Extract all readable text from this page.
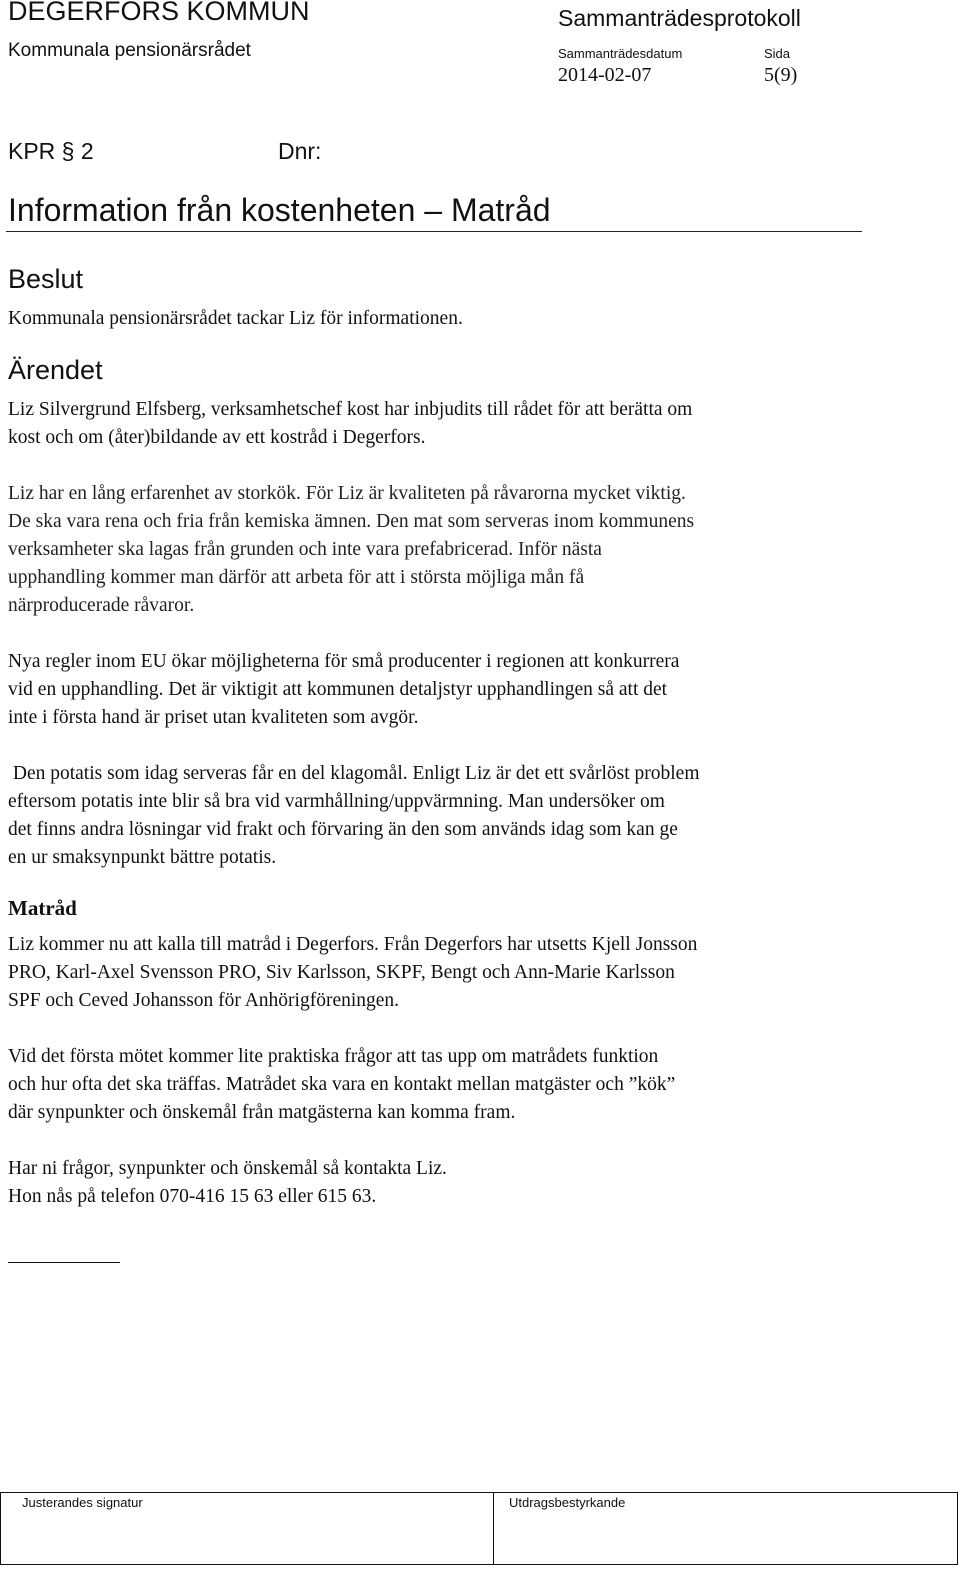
DEGERFORS KOMMUN
Kommunala pensionärsrådet
Sammanträdesprotokoll
Sammanträdesdatum
2014-02-07
Sida
5(9)
KPR § 2	Dnr:
Information från kostenheten – Matråd
Beslut
Kommunala pensionärsrådet tackar Liz för informationen.
Ärendet
Liz Silvergrund Elfsberg, verksamhetschef kost har inbjudits till rådet för att berätta om
kost och om (åter)bildande av ett kostråd i Degerfors.
Liz har en lång erfarenhet av storkök. För Liz är kvaliteten på råvarorna mycket viktig.
De ska vara rena och fria från kemiska ämnen. Den mat som serveras inom kommunens
verksamheter ska lagas från grunden och inte vara prefabricerad. Inför nästa
upphandling kommer man därför att arbeta för att i största möjliga mån få
närproducerade råvaror.
Nya regler inom EU ökar möjligheterna för små producenter i regionen att konkurrera
vid en upphandling. Det är viktigit att kommunen detaljstyr upphandlingen så att det
inte i första hand är priset utan kvaliteten som avgör.
Den potatis som idag serveras får en del klagomål. Enligt Liz är det ett svårlöst problem
eftersom potatis inte blir så bra vid varmhållning/uppvärmning. Man undersöker om
det finns andra lösningar vid frakt och förvaring än den som används idag som kan ge
en ur smaksynpunkt bättre potatis.
Matråd
Liz kommer nu att kalla till matråd i Degerfors. Från Degerfors har utsetts Kjell Jonsson
PRO, Karl-Axel Svensson PRO, Siv Karlsson, SKPF, Bengt och Ann-Marie Karlsson
SPF och Ceved Johansson för Anhörigföreningen.
Vid det första mötet kommer lite praktiska frågor att tas upp om matrådets funktion
och hur ofta det ska träffas. Matrådet ska vara en kontakt mellan matgäster och ”kök”
där synpunkter och önskemål från matgästerna kan komma fram.
Har ni frågor, synpunkter och önskemål så kontakta Liz.
Hon nås på telefon 070-416 15 63 eller 615 63.
Justerandes signatur	Utdragsbestyrkande
